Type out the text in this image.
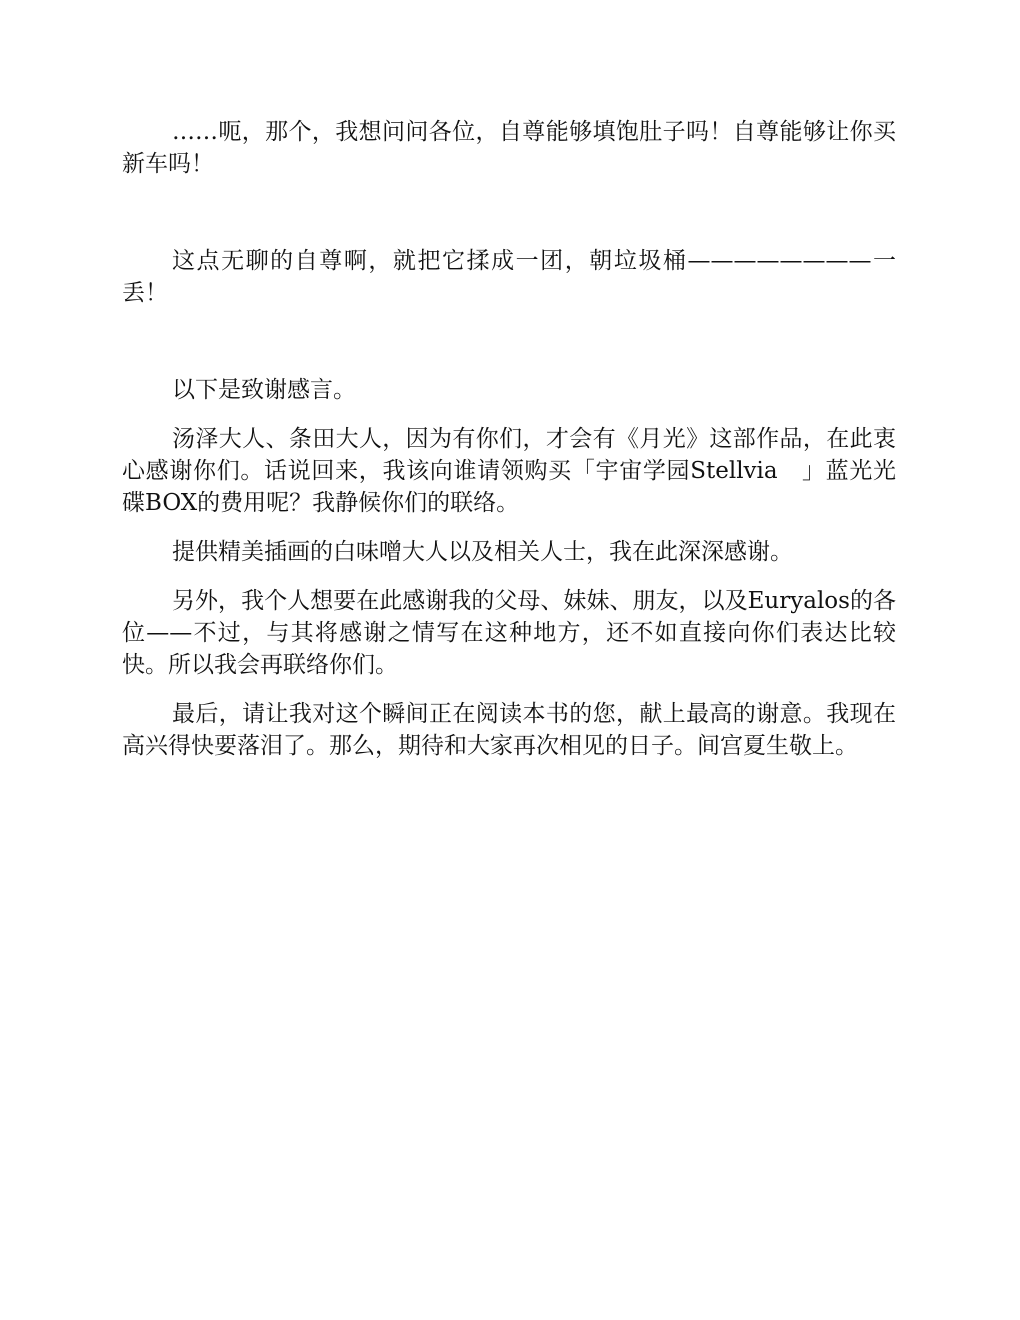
……呃，那个，我想问问各位，自尊能够填饱肚子吗！自尊能够让你买新车吗！

这点无聊的自尊啊，就把它揉成一团，朝垃圾桶————————一丢！

以下是致谢感言。

汤泽大人、条田大人，因为有你们，才会有《月光》这部作品，在此衷心感谢你们。话说回来，我该向谁请领购买「宇宙学园Stellvia　」蓝光光碟BOX的费用呢？我静候你们的联络。

提供精美插画的白味噌大人以及相关人士，我在此深深感谢。

另外，我个人想要在此感谢我的父母、妹妹、朋友，以及Euryalos的各位——不过，与其将感谢之情写在这种地方，还不如直接向你们表达比较快。所以我会再联络你们。

最后，请让我对这个瞬间正在阅读本书的您，献上最高的谢意。我现在高兴得快要落泪了。那么，期待和大家再次相见的日子。间宫夏生敬上。
